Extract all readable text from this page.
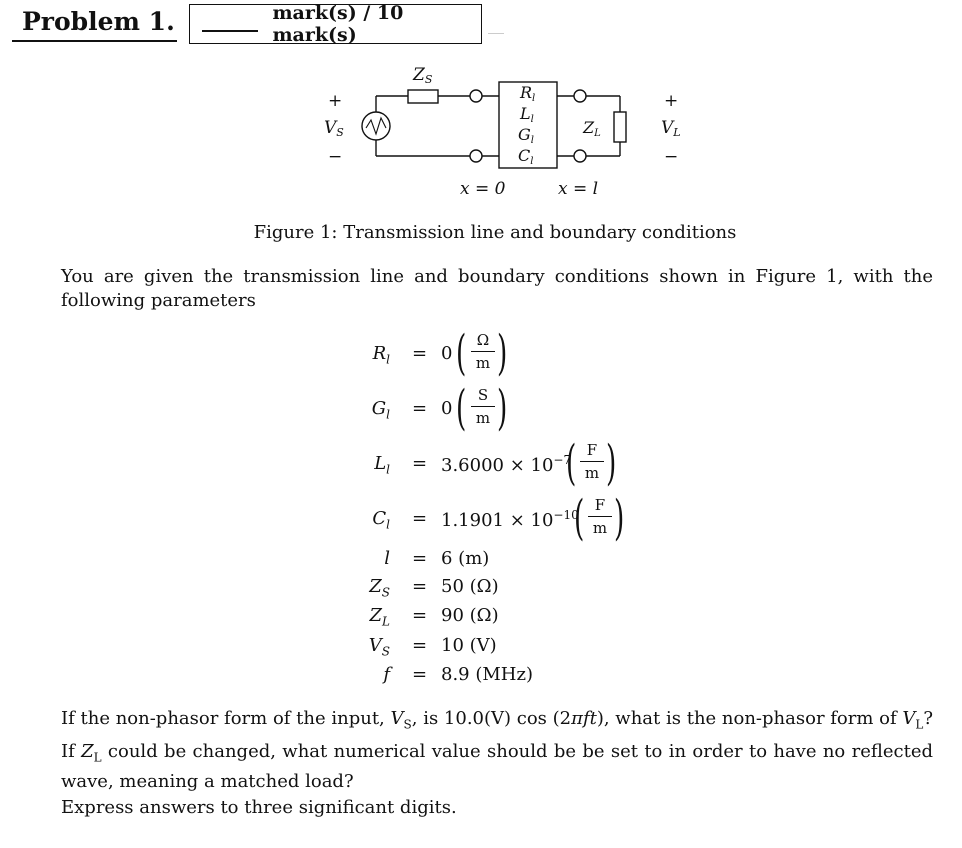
Problem 1.	mark(s) / 10 mark(s)
ZS
+
VS
−
Rl
Ll
Gl
Cl
ZL
+
VL
−
x = 0	x = l
Figure 1: Transmission line and boundary conditions
You are given the transmission line and boundary conditions shown in Figure 1, with the following parameters
$R_l = 0$ ( Ω
m )
$G_l = 0$ ( S
m )
$L_l = 3.6000 \times 10^{-7}$
( F
m )
$C_l = 1.1901 \times 10^{-10}$
( F
m )
l = 6 (m)
$Z_S = 50$ (Ω)
$Z_L = 90$ (Ω)
$V_S = 10$ (V)
f = 8.9 (MHz)
If the non-phasor form of the input, $V_S$, is 10.0(V) cos (2πft), what is the non-phasor form of $V_L$?
If $Z_L$ could be changed, what numerical value should be be set to in order to have no reflected wave, meaning a matched load?
Express answers to three significant digits.
